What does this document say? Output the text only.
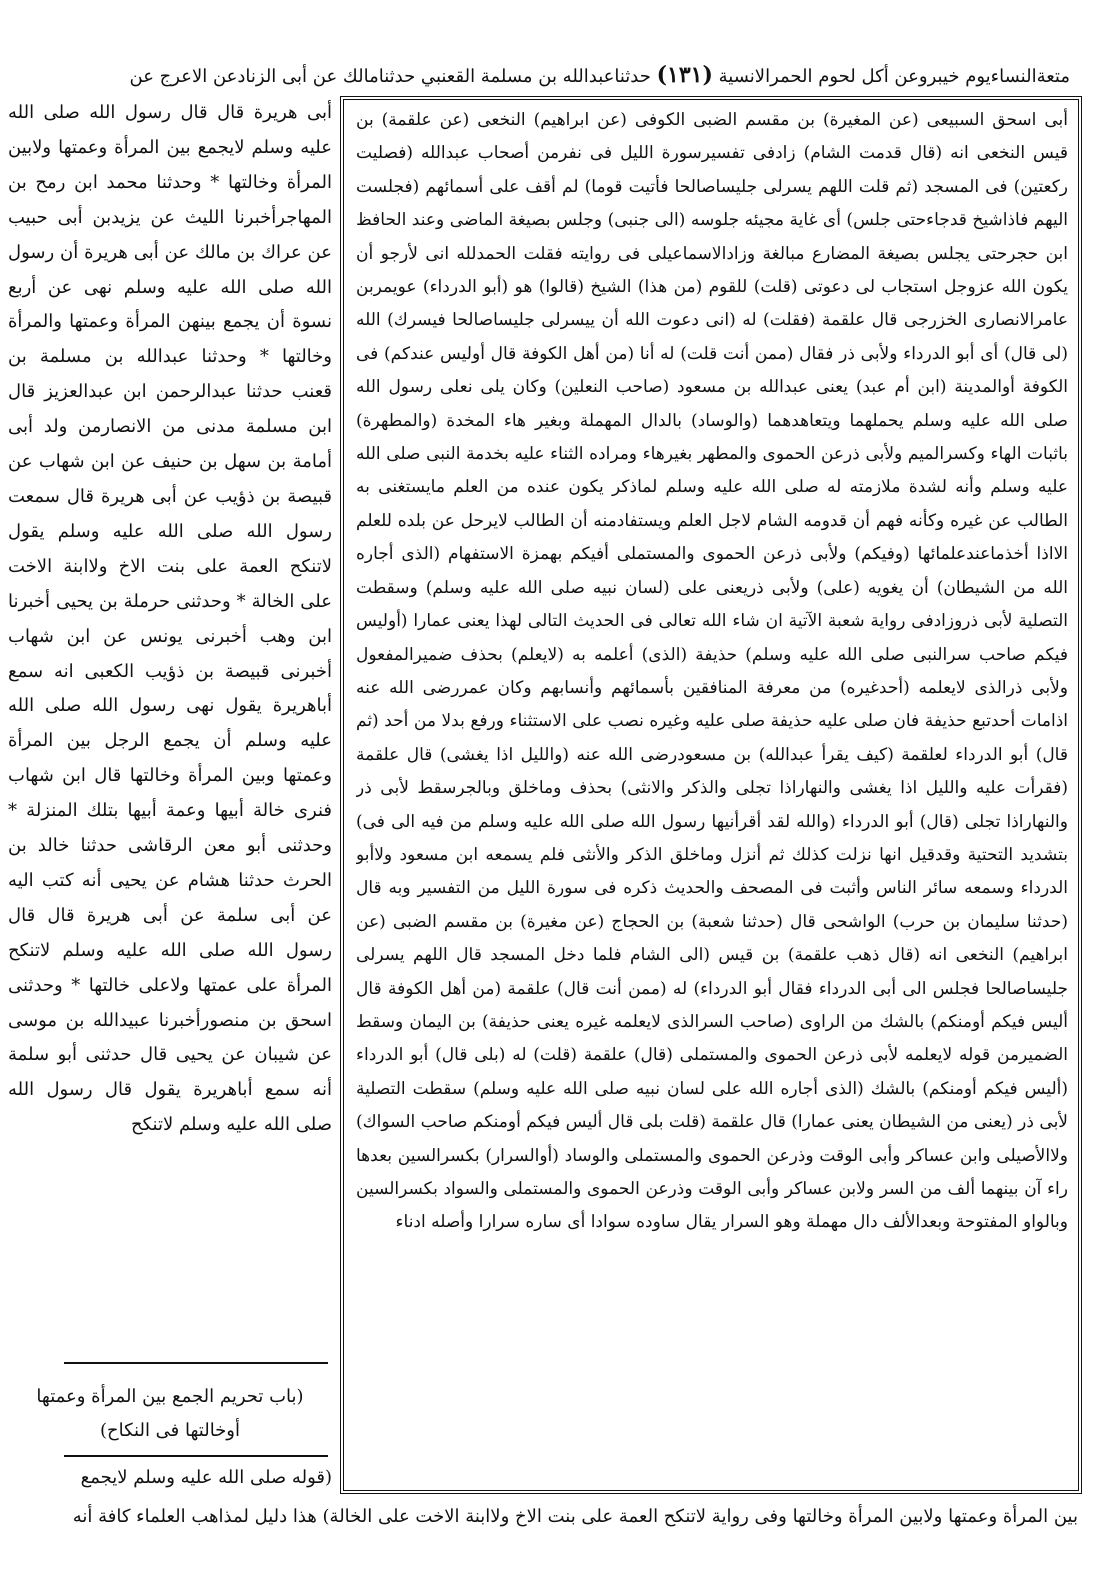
متعةالنساءيوم خيبروعن أكل لحوم الحمرالانسية (١٣١) حدثناعبدالله بن مسلمة القعنبي حدثنامالك عن أبى الزنادعن الاعرج عن

أبى اسحق السبيعى (عن المغيرة) بن مقسم الضبى الكوفى (عن ابراهيم) النخعى (عن علقمة) بن قيس النخعى انه (قال قدمت الشام) زادفى تفسيرسورة الليل فى نفرمن أصحاب عبدالله (فصليت ركعتين) فى المسجد (ثم قلت اللهم يسرلى جليساصالحا فأتيت قوما) لم أقف على أسمائهم (فجلست اليهم فاذاشيخ قدجاءحتى جلس) أى غاية مجيئه جلوسه (الى جنبى) وجلس بصيغة الماضى وعند الحافظ ابن حجرحتى يجلس بصيغة المضارع مبالغة وزادالاسماعيلى فى روايته فقلت الحمدلله انى لأرجو أن يكون الله عزوجل استجاب لى دعوتى (قلت) للقوم (من هذا) الشيخ (قالوا) هو (أبو الدرداء) عويمربن عامرالانصارى الخزرجى قال علقمة (فقلت) له (انى دعوت الله أن ييسرلى جليساصالحا فيسرك) الله (لى قال) أى أبو الدرداء ولأبى ذر فقال (ممن أنت قلت) له أنا (من أهل الكوفة قال أوليس عندكم) فى الكوفة أوالمدينة (ابن أم عبد) يعنى عبدالله بن مسعود (صاحب النعلين) وكان يلى نعلى رسول الله صلى الله عليه وسلم يحملهما ويتعاهدهما (والوساد) بالدال المهملة وبغير هاء المخدة (والمطهرة) باثبات الهاء وكسرالميم ولأبى ذرعن الحموى والمطهر بغيرهاء ومراده الثناء عليه بخدمة النبى صلى الله عليه وسلم وأنه لشدة ملازمته له صلى الله عليه وسلم لماذكر يكون عنده من العلم مايستغنى به الطالب عن غيره وكأنه فهم أن قدومه الشام لاجل العلم ويستفادمنه أن الطالب لايرحل عن بلده للعلم الااذا أخذماعندعلمائها (وفيكم) ولأبى ذرعن الحموى والمستملى أفيكم بهمزة الاستفهام (الذى أجاره الله من الشيطان) أن يغويه (على) ولأبى ذريعنى على (لسان نبيه صلى الله عليه وسلم) وسقطت التصلية لأبى ذروزادفى رواية شعبة الآتية ان شاء الله تعالى فى الحديث التالى لهذا يعنى عمارا (أوليس فيكم صاحب سرالنبى صلى الله عليه وسلم) حذيفة (الذى) أعلمه به (لايعلم) بحذف ضميرالمفعول ولأبى ذرالذى لايعلمه (أحدغيره) من معرفة المنافقين بأسمائهم وأنسابهم وكان عمررضى الله عنه اذامات أحدتبع حذيفة فان صلى عليه حذيفة صلى عليه وغيره نصب على الاستثناء ورفع بدلا من أحد (ثم قال) أبو الدرداء لعلقمة (كيف يقرأ عبدالله) بن مسعودرضى الله عنه (والليل اذا يغشى) قال علقمة (فقرأت عليه والليل اذا يغشى والنهاراذا تجلى والذكر والانثى) بحذف وماخلق وبالجرسقط لأبى ذر والنهاراذا تجلى (قال) أبو الدرداء (والله لقد أقرأنيها رسول الله صلى الله عليه وسلم من فيه الى فى) بتشديد التحتية وقدقيل انها نزلت كذلك ثم أنزل وماخلق الذكر والأنثى فلم يسمعه ابن مسعود ولاأبو الدرداء وسمعه سائر الناس وأثبت فى المصحف والحديث ذكره فى سورة الليل من التفسير وبه قال (حدثنا سليمان بن حرب) الواشحى قال (حدثنا شعبة) بن الحجاج (عن مغيرة) بن مقسم الضبى (عن ابراهيم) النخعى انه (قال ذهب علقمة) بن قيس (الى الشام فلما دخل المسجد قال اللهم يسرلى جليساصالحا فجلس الى أبى الدرداء فقال أبو الدرداء) له (ممن أنت قال) علقمة (من أهل الكوفة قال أليس فيكم أومنكم) بالشك من الراوى (صاحب السرالذى لايعلمه غيره يعنى حذيفة) بن اليمان وسقط الضميرمن قوله لايعلمه لأبى ذرعن الحموى والمستملى (قال) علقمة (قلت) له (بلى قال) أبو الدرداء (أليس فيكم أومنكم) بالشك (الذى أجاره الله على لسان نبيه صلى الله عليه وسلم) سقطت التصلية لأبى ذر (يعنى من الشيطان يعنى عمارا) قال علقمة (قلت بلى قال أليس فيكم أومنكم صاحب السواك) ولاالأصيلى وابن عساكر وأبى الوقت وذرعن الحموى والمستملى والوساد (أوالسرار) بكسرالسين بعدها راء آن بينهما ألف من السر ولابن عساكر وأبى الوقت وذرعن الحموى والمستملى والسواد بكسرالسين وبالواو المفتوحة وبعدالألف دال مهملة وهو السرار يقال ساوده سوادا أى ساره سرارا وأصله ادناء

أبى هريرة قال قال رسول الله صلى الله عليه وسلم لايجمع بين المرأة وعمتها ولابين المرأة وخالتها * وحدثنا محمد ابن رمح بن المهاجرأخبرنا الليث عن يزيدبن أبى حبيب عن عراك بن مالك عن أبى هريرة أن رسول الله صلى الله عليه وسلم نهى عن أربع نسوة أن يجمع بينهن المرأة وعمتها والمرأة وخالتها * وحدثنا عبدالله بن مسلمة بن قعنب حدثنا عبدالرحمن ابن عبدالعزيز قال ابن مسلمة مدنى من الانصارمن ولد أبى أمامة بن سهل بن حنيف عن ابن شهاب عن قبيصة بن ذؤيب عن أبى هريرة قال سمعت رسول الله صلى الله عليه وسلم يقول لاتنكح العمة على بنت الاخ ولاابنة الاخت على الخالة * وحدثنى حرملة بن يحيى أخبرنا ابن وهب أخبرنى يونس عن ابن شهاب أخبرنى قبيصة بن ذؤيب الكعبى انه سمع أباهريرة يقول نهى رسول الله صلى الله عليه وسلم أن يجمع الرجل بين المرأة وعمتها وبين المرأة وخالتها قال ابن شهاب فنرى خالة أبيها وعمة أبيها بتلك المنزلة * وحدثنى أبو معن الرقاشى حدثنا خالد بن الحرث حدثنا هشام عن يحيى أنه كتب اليه عن أبى سلمة عن أبى هريرة قال قال رسول الله صلى الله عليه وسلم لاتنكح المرأة على عمتها ولاعلى خالتها * وحدثنى اسحق بن منصورأخبرنا عبيدالله بن موسى عن شيبان عن يحيى قال حدثنى أبو سلمة أنه سمع أباهريرة يقول قال رسول الله صلى الله عليه وسلم لاتنكح

(باب تحريم الجمع بين المرأة وعمتها أوخالتها فى النكاح)
(قوله صلى الله عليه وسلم لايجمع
بين المرأة وعمتها ولابين المرأة وخالتها وفى رواية لاتنكح العمة على بنت الاخ ولاابنة الاخت على الخالة) هذا دليل لمذاهب العلماء كافة أنه
